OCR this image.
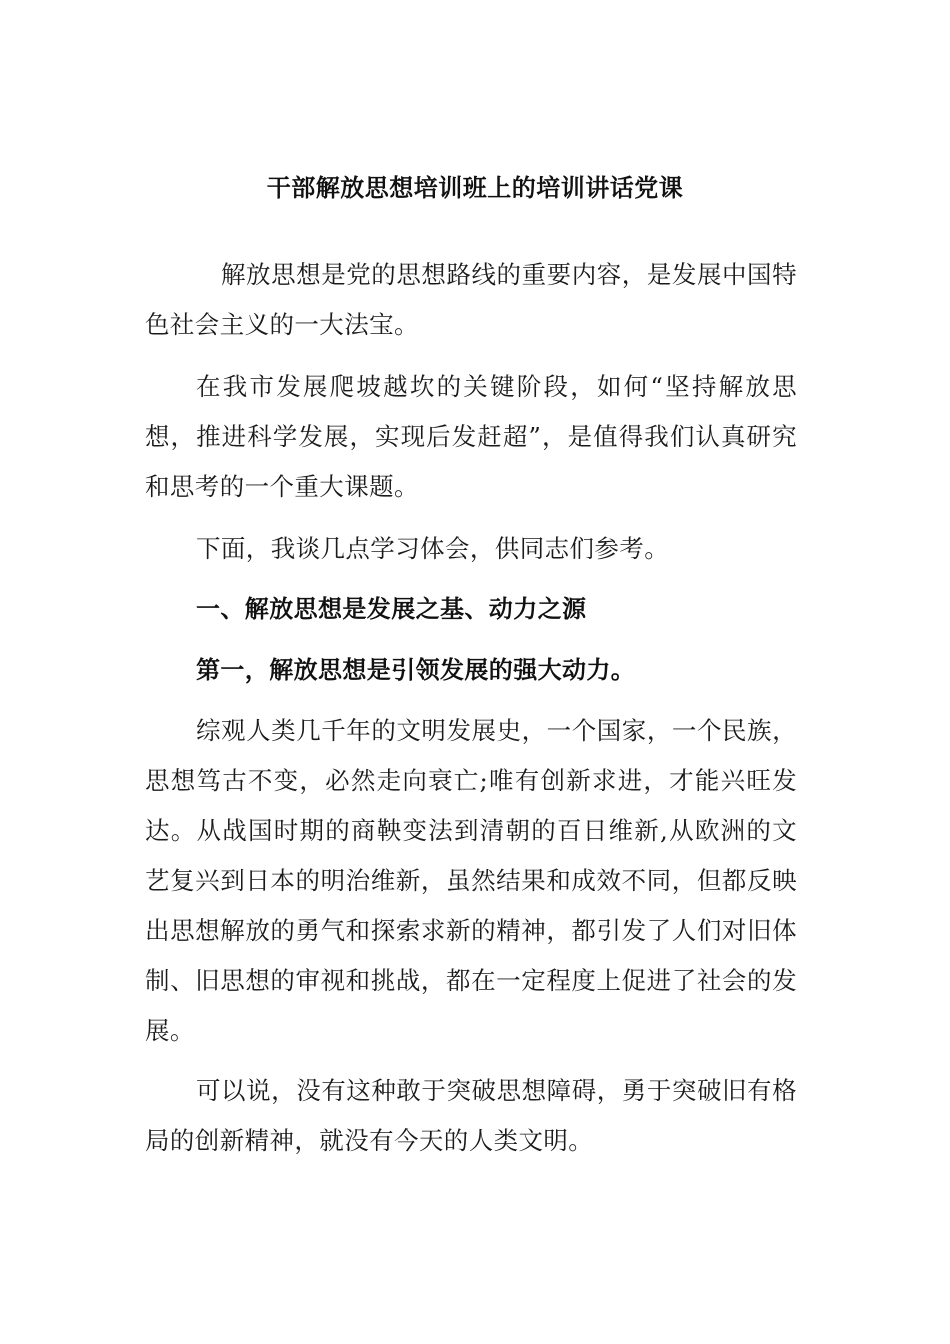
干部解放思想培训班上的培训讲话党课

解放思想是党的思想路线的重要内容，是发展中国特色社会主义的一大法宝。

在我市发展爬坡越坎的关键阶段，如何“坚持解放思想，推进科学发展，实现后发赶超”，是值得我们认真研究和思考的一个重大课题。

下面，我谈几点学习体会，供同志们参考。

一、解放思想是发展之基、动力之源

第一，解放思想是引领发展的强大动力。

综观人类几千年的文明发展史，一个国家，一个民族，思想笃古不变，必然走向衰亡;唯有创新求进，才能兴旺发达。从战国时期的商鞅变法到清朝的百日维新,从欧洲的文艺复兴到日本的明治维新，虽然结果和成效不同，但都反映出思想解放的勇气和探索求新的精神，都引发了人们对旧体制、旧思想的审视和挑战，都在一定程度上促进了社会的发展。

可以说，没有这种敢于突破思想障碍，勇于突破旧有格局的创新精神，就没有今天的人类文明。
